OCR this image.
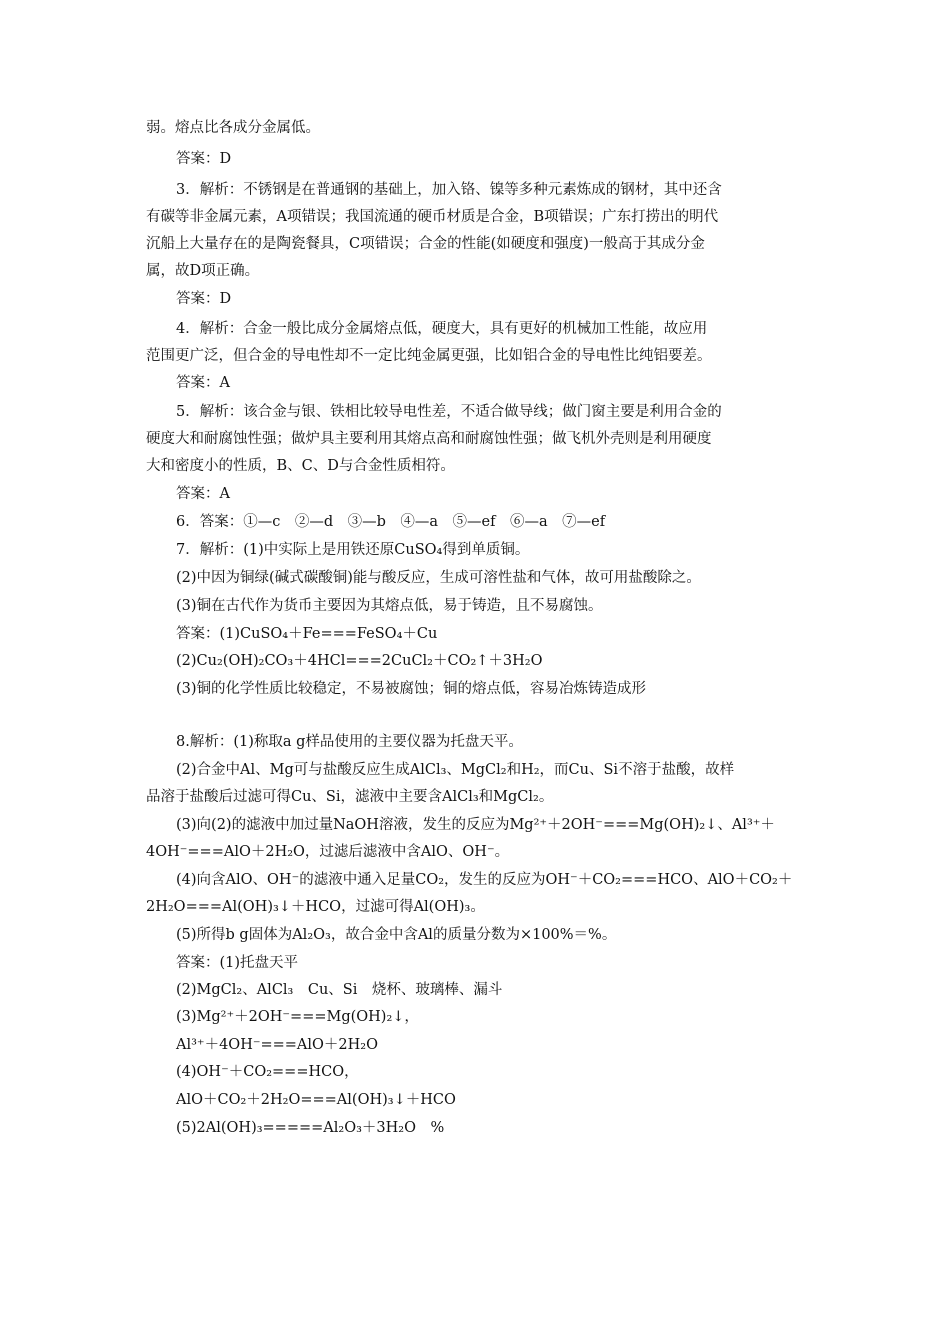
弱。熔点比各成分金属低。
答案：D
3．解析：不锈钢是在普通钢的基础上，加入铬、镍等多种元素炼成的钢材，其中还含
有碳等非金属元素，A项错误；我国流通的硬币材质是合金，B项错误；广东打捞出的明代
沉船上大量存在的是陶瓷餐具，C项错误；合金的性能(如硬度和强度)一般高于其成分金
属，故D项正确。
答案：D
4．解析：合金一般比成分金属熔点低，硬度大，具有更好的机械加工性能，故应用
范围更广泛，但合金的导电性却不一定比纯金属更强，比如铝合金的导电性比纯铝要差。
答案：A
5．解析：该合金与银、铁相比较导电性差，不适合做导线；做门窗主要是利用合金的
硬度大和耐腐蚀性强；做炉具主要利用其熔点高和耐腐蚀性强；做飞机外壳则是利用硬度
大和密度小的性质，B、C、D与合金性质相符。
答案：A
6．答案：①—c　②—d　③—b　④—a　⑤—ef　⑥—a　⑦—ef
7．解析：(1)中实际上是用铁还原CuSO₄得到单质铜。
(2)中因为铜绿(碱式碳酸铜)能与酸反应，生成可溶性盐和气体，故可用盐酸除之。
(3)铜在古代作为货币主要因为其熔点低，易于铸造，且不易腐蚀。
答案：(1)CuSO₄＋Fe===FeSO₄＋Cu
(2)Cu₂(OH)₂CO₃＋4HCl===2CuCl₂＋CO₂↑＋3H₂O
(3)铜的化学性质比较稳定，不易被腐蚀；铜的熔点低，容易冶炼铸造成形
8.解析：(1)称取a g样品使用的主要仪器为托盘天平。
(2)合金中Al、Mg可与盐酸反应生成AlCl₃、MgCl₂和H₂，而Cu、Si不溶于盐酸，故样
品溶于盐酸后过滤可得Cu、Si，滤液中主要含AlCl₃和MgCl₂。
(3)向(2)的滤液中加过量NaOH溶液，发生的反应为Mg²⁺＋2OH⁻===Mg(OH)₂↓、Al³⁺＋
4OH⁻===AlO＋2H₂O，过滤后滤液中含AlO、OH⁻。
(4)向含AlO、OH⁻的滤液中通入足量CO₂，发生的反应为OH⁻＋CO₂===HCO、AlO＋CO₂＋
2H₂O===Al(OH)₃↓＋HCO，过滤可得Al(OH)₃。
(5)所得b g固体为Al₂O₃，故合金中含Al的质量分数为×100%＝%。
答案：(1)托盘天平
(2)MgCl₂、AlCl₃　Cu、Si　烧杯、玻璃棒、漏斗
(3)Mg²⁺＋2OH⁻===Mg(OH)₂↓，
Al³⁺＋4OH⁻===AlO＋2H₂O
(4)OH⁻＋CO₂===HCO，
AlO＋CO₂＋2H₂O===Al(OH)₃↓＋HCO
(5)2Al(OH)₃=====Al₂O₃＋3H₂O　%
